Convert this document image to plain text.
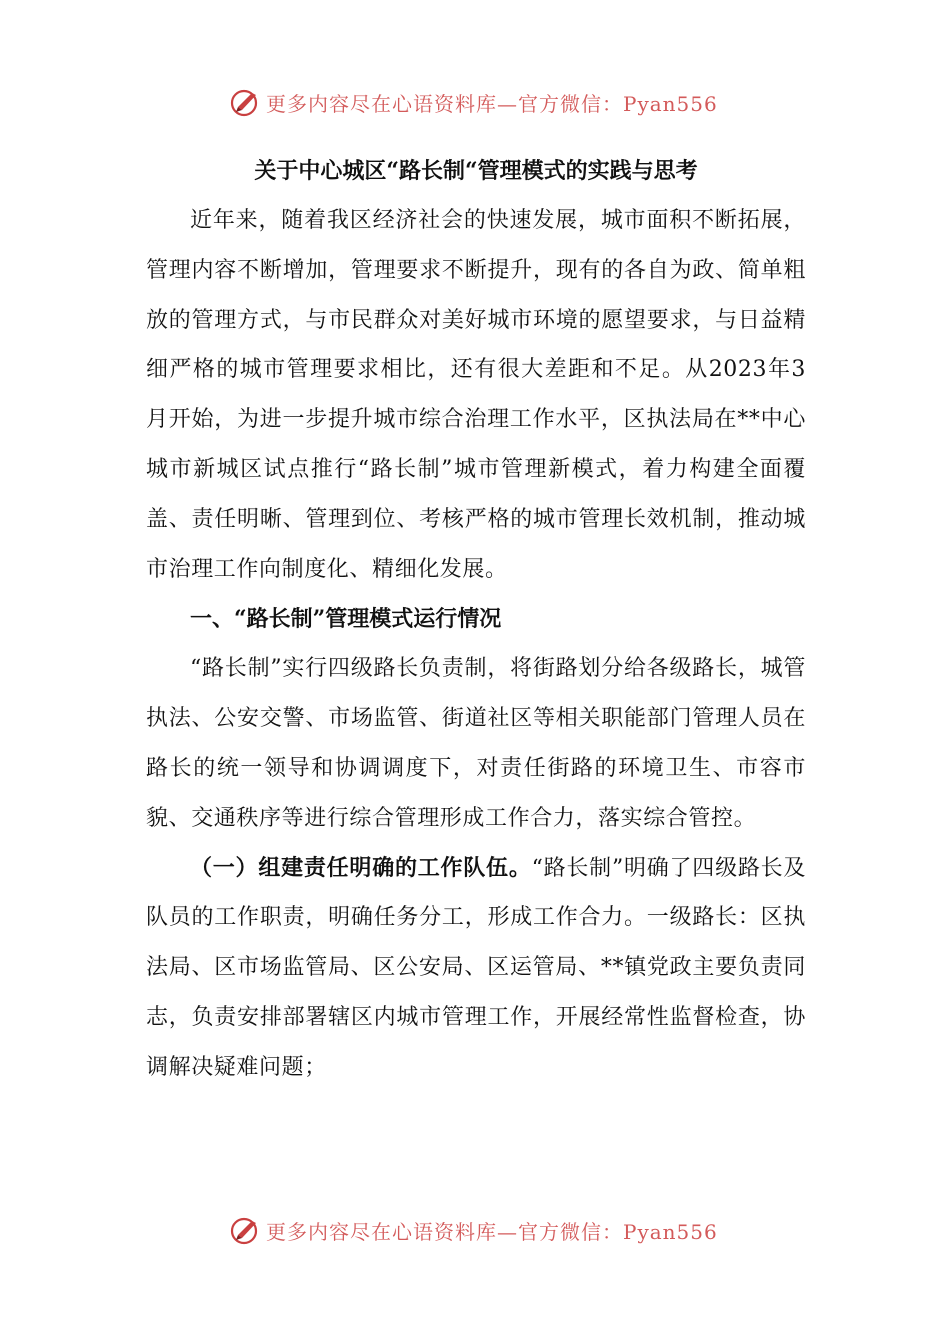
更多内容尽在心语资料库—官方微信：Pyan556
关于中心城区“路长制“管理模式的实践与思考

近年来，随着我区经济社会的快速发展，城市面积不断拓展，管理内容不断增加，管理要求不断提升，现有的各自为政、简单粗放的管理方式，与市民群众对美好城市环境的愿望要求，与日益精细严格的城市管理要求相比，还有很大差距和不足。从2023年3月开始，为进一步提升城市综合治理工作水平，区执法局在**中心城市新城区试点推行“路长制”城市管理新模式，着力构建全面覆盖、责任明晰、管理到位、考核严格的城市管理长效机制，推动城市治理工作向制度化、精细化发展。

一、“路长制”管理模式运行情况

“路长制”实行四级路长负责制，将街路划分给各级路长，城管执法、公安交警、市场监管、街道社区等相关职能部门管理人员在路长的统一领导和协调调度下，对责任街路的环境卫生、市容市貌、交通秩序等进行综合管理形成工作合力，落实综合管控。

（一）组建责任明确的工作队伍。“路长制”明确了四级路长及队员的工作职责，明确任务分工，形成工作合力。一级路长：区执法局、区市场监管局、区公安局、区运管局、**镇党政主要负责同志，负责安排部署辖区内城市管理工作，开展经常性监督检查，协调解决疑难问题；

更多内容尽在心语资料库—官方微信：Pyan556
